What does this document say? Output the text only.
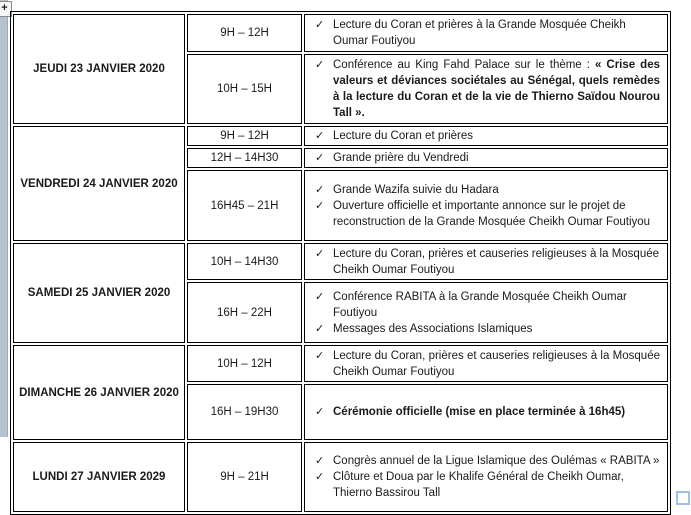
+
JEUDI 23 JANVIER 2020	9H – 12H	✓ Lecture du Coran et prières à la Grande Mosquée Cheikh Oumar Foutiyou

	10H – 15H	✓ Conférence au King Fahd Palace sur le thème : « Crise des valeurs et déviances sociétales au Sénégal, quels remèdes à la lecture du Coran et de la vie de Thierno Saïdou Nourou Tall ».

VENDREDI 24 JANVIER 2020	9H – 12H	✓ Lecture du Coran et prières

	12H – 14H30	✓ Grande prière du Vendredi

	16H45 – 21H	✓ Grande Wazifa suivie du Hadara
✓ Ouverture officielle et importante annonce sur le projet de reconstruction de la Grande Mosquée Cheikh Oumar Foutiyou

SAMEDI 25 JANVIER 2020	10H – 14H30	✓ Lecture du Coran, prières et causeries religieuses à la Mosquée Cheikh Oumar Foutiyou

	16H – 22H	✓ Conférence RABITA à la Grande Mosquée Cheikh Oumar Foutiyou
✓ Messages des Associations Islamiques

DIMANCHE 26 JANVIER 2020	10H – 12H	✓ Lecture du Coran, prières et causeries religieuses à la Mosquée Cheikh Oumar Foutiyou

	16H – 19H30	✓ Cérémonie officielle (mise en place terminée à 16h45)

LUNDI 27 JANVIER 2029	9H – 21H	✓ Congrès annuel de la Ligue Islamique des Oulémas « RABITA »
✓ Clôture et Doua par le Khalife Général de Cheikh Oumar, Thierno Bassirou Tall
